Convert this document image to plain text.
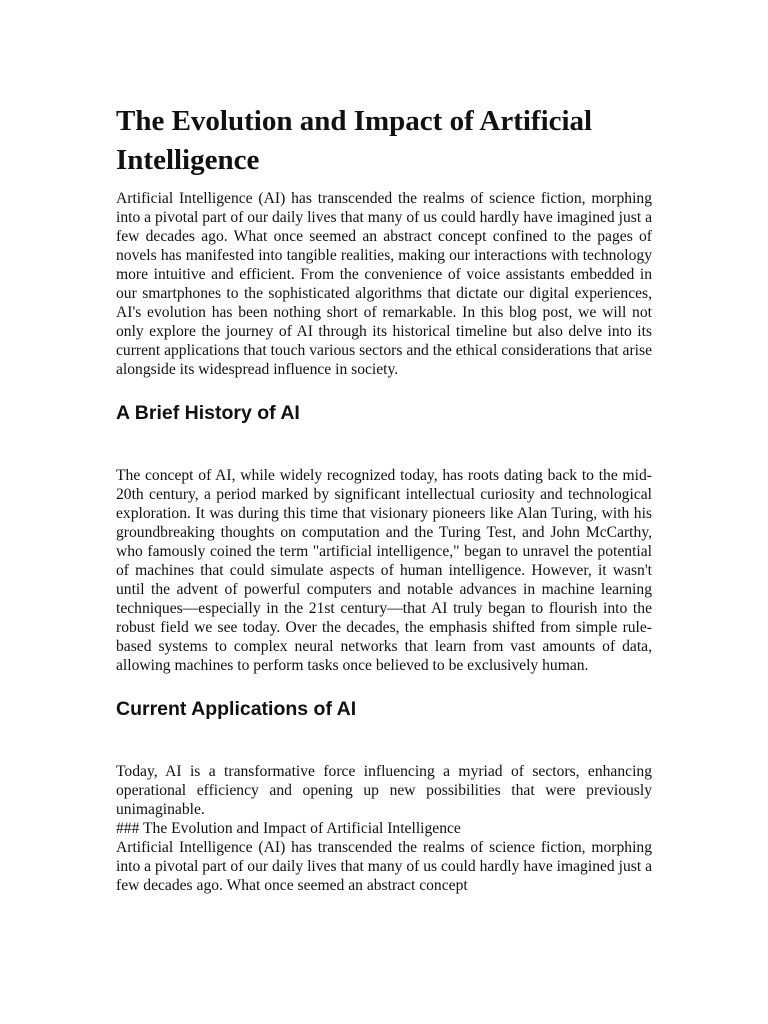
The Evolution and Impact of Artificial Intelligence

Artificial Intelligence (AI) has transcended the realms of science fiction, morphing into a pivotal part of our daily lives that many of us could hardly have imagined just a few decades ago. What once seemed an abstract concept confined to the pages of novels has manifested into tangible realities, making our interactions with technology more intuitive and efficient. From the convenience of voice assistants embedded in our smartphones to the sophisticated algorithms that dictate our digital experiences, AI's evolution has been nothing short of remarkable. In this blog post, we will not only explore the journey of AI through its historical timeline but also delve into its current applications that touch various sectors and the ethical considerations that arise alongside its widespread influence in society.

A Brief History of AI

The concept of AI, while widely recognized today, has roots dating back to the mid-20th century, a period marked by significant intellectual curiosity and technological exploration. It was during this time that visionary pioneers like Alan Turing, with his groundbreaking thoughts on computation and the Turing Test, and John McCarthy, who famously coined the term "artificial intelligence," began to unravel the potential of machines that could simulate aspects of human intelligence. However, it wasn't until the advent of powerful computers and notable advances in machine learning techniques—especially in the 21st century—that AI truly began to flourish into the robust field we see today. Over the decades, the emphasis shifted from simple rule-based systems to complex neural networks that learn from vast amounts of data, allowing machines to perform tasks once believed to be exclusively human.

Current Applications of AI

Today, AI is a transformative force influencing a myriad of sectors, enhancing operational efficiency and opening up new possibilities that were previously unimaginable.

### The Evolution and Impact of Artificial Intelligence

Artificial Intelligence (AI) has transcended the realms of science fiction, morphing into a pivotal part of our daily lives that many of us could hardly have imagined just a few decades ago. What once seemed an abstract concept
